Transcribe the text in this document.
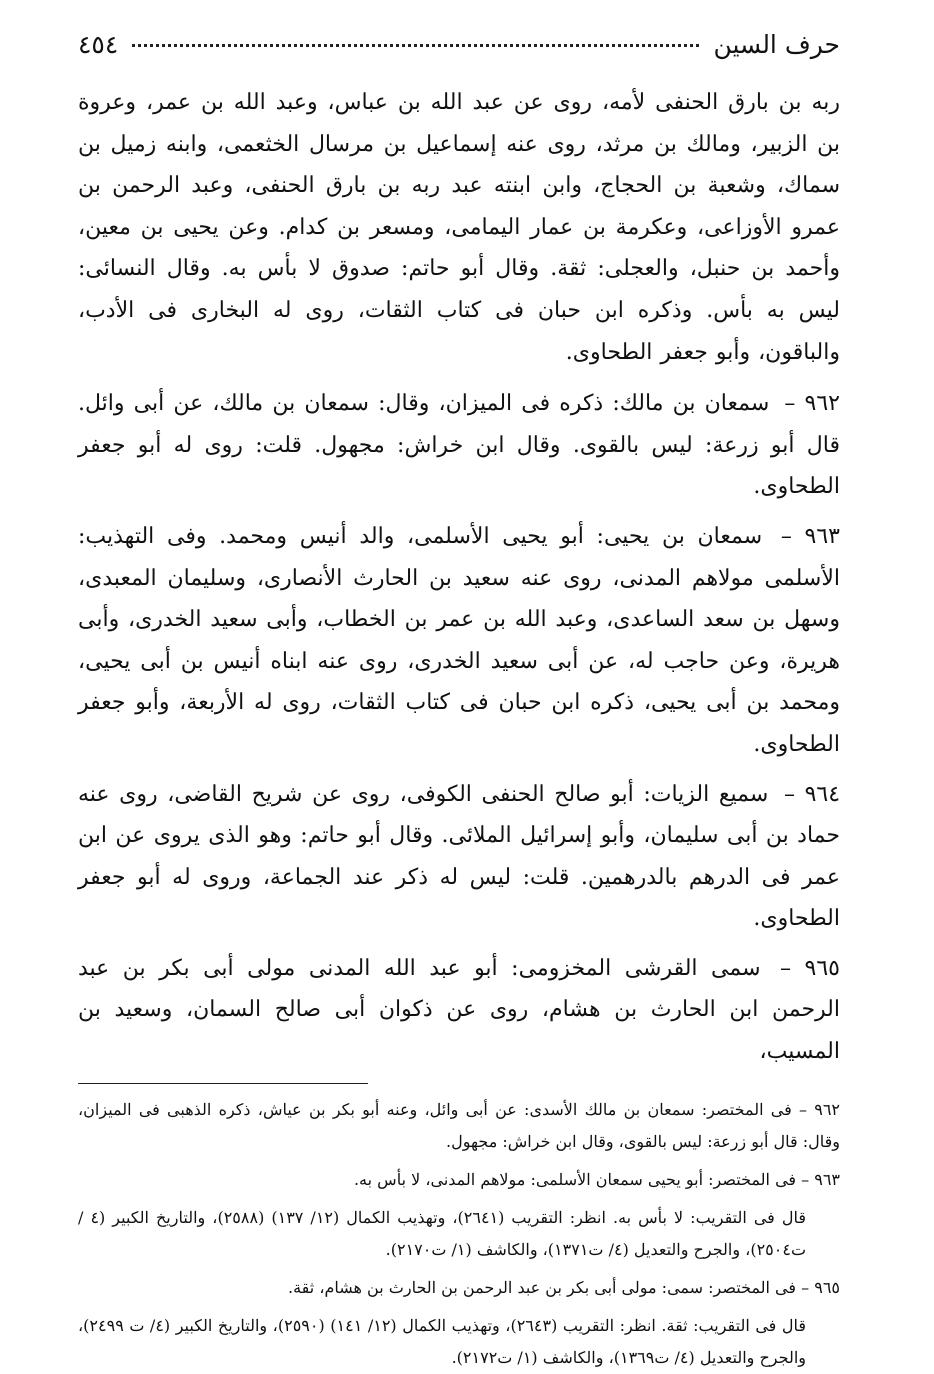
حرف السين
٤٥٤

ربه بن بارق الحنفى لأمه، روى عن عبد الله بن عباس، وعبد الله بن عمر، وعروة بن الزبير، ومالك بن مرثد، روى عنه إسماعيل بن مرسال الخثعمى، وابنه زميل بن سماك، وشعبة بن الحجاج، وابن ابنته عبد ربه بن بارق الحنفى، وعبد الرحمن بن عمرو الأوزاعى، وعكرمة بن عمار اليمامى، ومسعر بن كدام. وعن يحيى بن معين، وأحمد بن حنبل، والعجلى: ثقة. وقال أبو حاتم: صدوق لا بأس به. وقال النسائى: ليس به بأس. وذكره ابن حبان فى كتاب الثقات، روى له البخارى فى الأدب، والباقون، وأبو جعفر الطحاوى.

٩٦٢ – سمعان بن مالك: ذكره فى الميزان، وقال: سمعان بن مالك، عن أبى وائل. قال أبو زرعة: ليس بالقوى. وقال ابن خراش: مجهول. قلت: روى له أبو جعفر الطحاوى.

٩٦٣ – سمعان بن يحيى: أبو يحيى الأسلمى، والد أنيس ومحمد. وفى التهذيب: الأسلمى مولاهم المدنى، روى عنه سعيد بن الحارث الأنصارى، وسليمان المعبدى، وسهل بن سعد الساعدى، وعبد الله بن عمر بن الخطاب، وأبى سعيد الخدرى، وأبى هريرة، وعن حاجب له، عن أبى سعيد الخدرى، روى عنه ابناه أنيس بن أبى يحيى، ومحمد بن أبى يحيى، ذكره ابن حبان فى كتاب الثقات، روى له الأربعة، وأبو جعفر الطحاوى.

٩٦٤ – سميع الزيات: أبو صالح الحنفى الكوفى، روى عن شريح القاضى، روى عنه حماد بن أبى سليمان، وأبو إسرائيل الملائى. وقال أبو حاتم: وهو الذى يروى عن ابن عمر فى الدرهم بالدرهمين. قلت: ليس له ذكر عند الجماعة، وروى له أبو جعفر الطحاوى.

٩٦٥ – سمى القرشى المخزومى: أبو عبد الله المدنى مولى أبى بكر بن عبد الرحمن ابن الحارث بن هشام، روى عن ذكوان أبى صالح السمان، وسعيد بن المسيب،

٩٦٢ – فى المختصر: سمعان بن مالك الأسدى: عن أبى وائل، وعنه أبو بكر بن عياش، ذكره الذهبى فى الميزان، وقال: قال أبو زرعة: ليس بالقوى، وقال ابن خراش: مجهول.

٩٦٣ – فى المختصر: أبو يحيى سمعان الأسلمى: مولاهم المدنى، لا بأس به.

قال فى التقريب: لا بأس به. انظر: التقريب (٢٦٤١)، وتهذيب الكمال (١٢/ ١٣٧) (٢٥٨٨)، والتاريخ الكبير (٤ /ت٢٥٠٤)، والجرح والتعديل (٤/ ت١٣٧١)، والكاشف (١/ ت٢١٧٠).

٩٦٥ – فى المختصر: سمى: مولى أبى بكر بن عبد الرحمن بن الحارث بن هشام، ثقة.

قال فى التقريب: ثقة. انظر: التقريب (٢٦٤٣)، وتهذيب الكمال (١٢/ ١٤١) (٢٥٩٠)، والتاريخ الكبير (٤/ ت ٢٤٩٩)، والجرح والتعديل (٤/ ت١٣٦٩)، والكاشف (١/ ت٢١٧٢).
